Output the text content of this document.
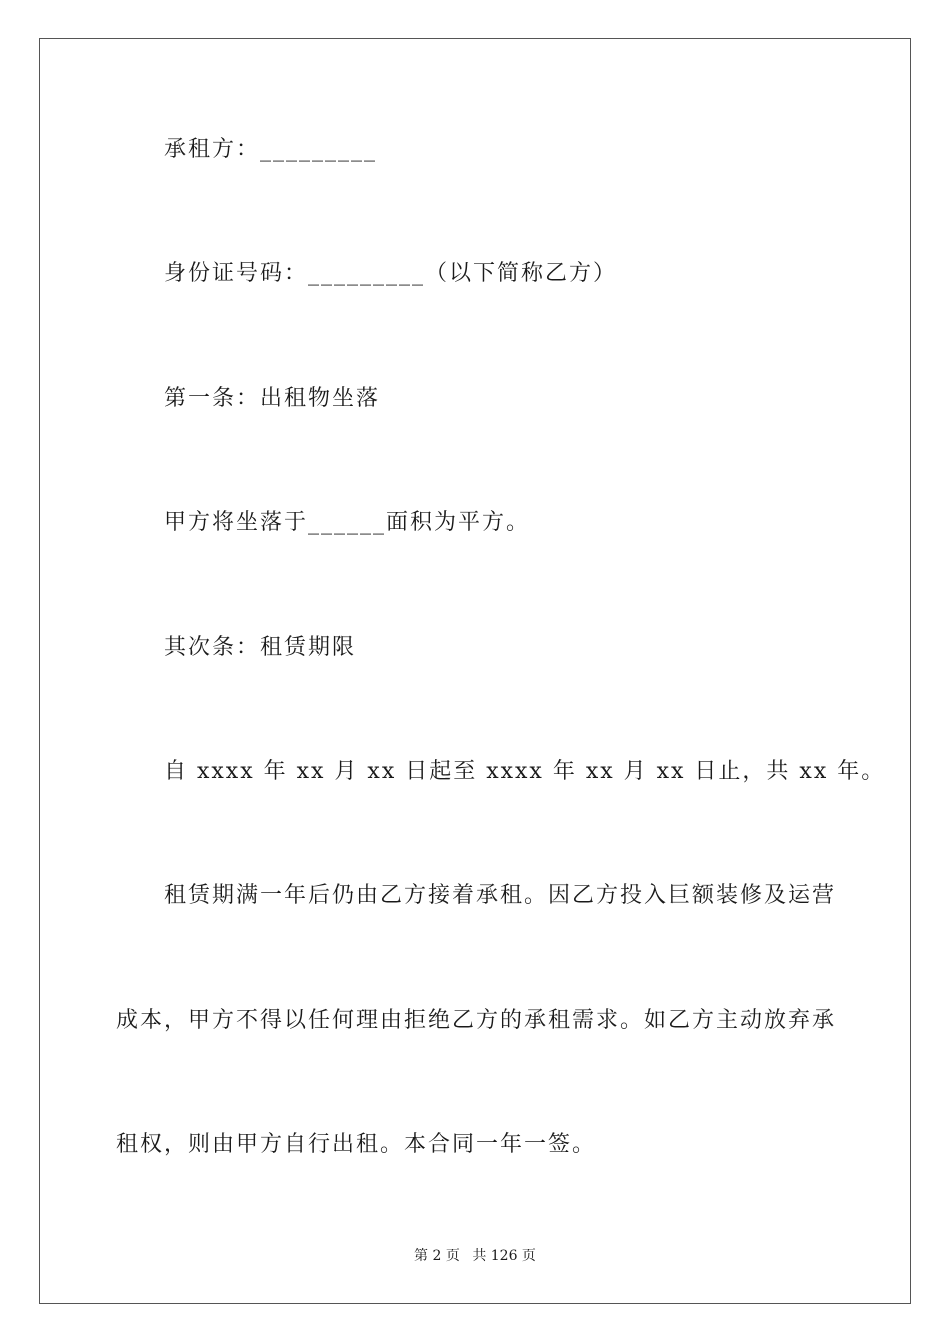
承租方：_________
身份证号码：_________（以下简称乙方）
第一条：出租物坐落
甲方将坐落于______面积为平方。
其次条：租赁期限
自 xxxx 年 xx 月 xx 日起至 xxxx 年 xx 月 xx 日止，共 xx 年。
租赁期满一年后仍由乙方接着承租。因乙方投入巨额装修及运营
成本，甲方不得以任何理由拒绝乙方的承租需求。如乙方主动放弃承
租权，则由甲方自行出租。本合同一年一签。
第 2 页 共 126 页
